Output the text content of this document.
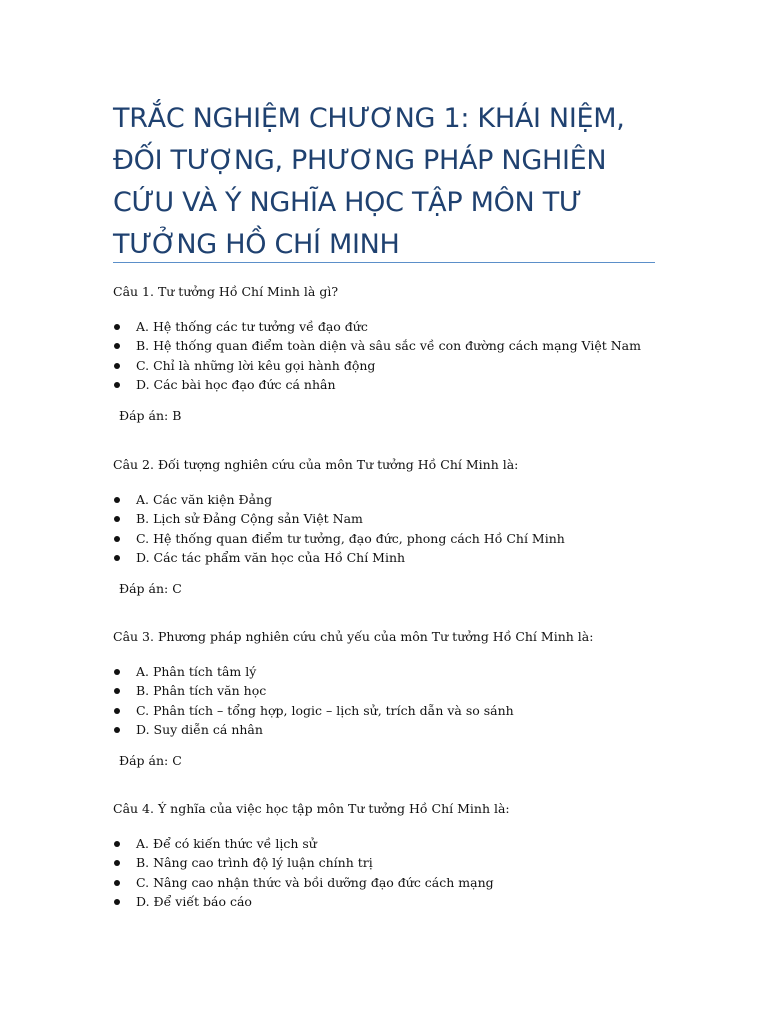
TRẮC NGHIỆM CHƯƠNG 1: KHÁI NIỆM, ĐỐI TƯỢNG, PHƯƠNG PHÁP NGHIÊN CỨU VÀ Ý NGHĨA HỌC TẬP MÔN TƯ TƯỞNG HỒ CHÍ MINH

Câu 1. Tư tưởng Hồ Chí Minh là gì?

A. Hệ thống các tư tưởng về đạo đức
B. Hệ thống quan điểm toàn diện và sâu sắc về con đường cách mạng Việt Nam
C. Chỉ là những lời kêu gọi hành động
D. Các bài học đạo đức cá nhân

Đáp án: B

Câu 2. Đối tượng nghiên cứu của môn Tư tưởng Hồ Chí Minh là:

A. Các văn kiện Đảng
B. Lịch sử Đảng Cộng sản Việt Nam
C. Hệ thống quan điểm tư tưởng, đạo đức, phong cách Hồ Chí Minh
D. Các tác phẩm văn học của Hồ Chí Minh

Đáp án: C

Câu 3. Phương pháp nghiên cứu chủ yếu của môn Tư tưởng Hồ Chí Minh là:

A. Phân tích tâm lý
B. Phân tích văn học
C. Phân tích – tổng hợp, logic – lịch sử, trích dẫn và so sánh
D. Suy diễn cá nhân

Đáp án: C

Câu 4. Ý nghĩa của việc học tập môn Tư tưởng Hồ Chí Minh là:

A. Để có kiến thức về lịch sử
B. Nâng cao trình độ lý luận chính trị
C. Nâng cao nhận thức và bồi dưỡng đạo đức cách mạng
D. Để viết báo cáo
